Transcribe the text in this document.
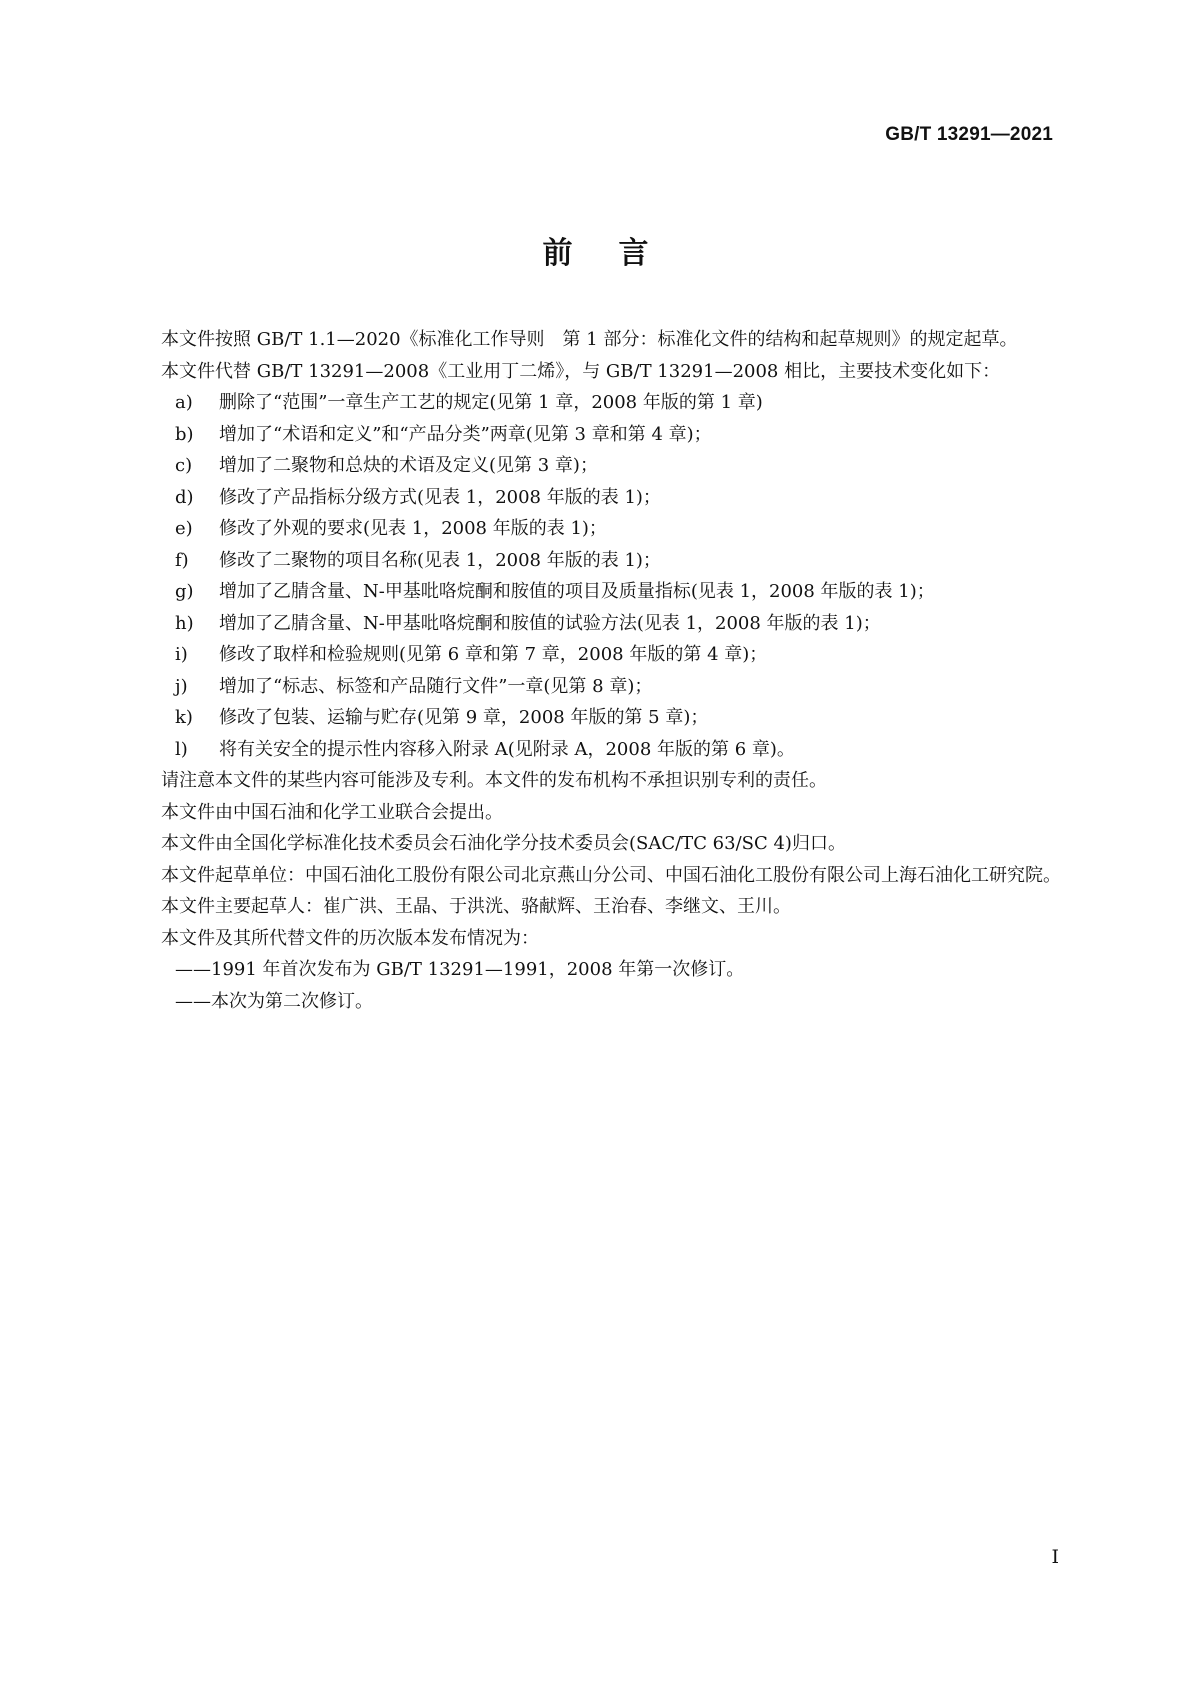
GB/T 13291—2021
前言

本文件按照 GB/T 1.1—2020《标准化工作导则　第 1 部分：标准化文件的结构和起草规则》的规定起草。

本文件代替 GB/T 13291—2008《工业用丁二烯》，与 GB/T 13291—2008 相比，主要技术变化如下：

a)	删除了“范围”一章生产工艺的规定(见第 1 章，2008 年版的第 1 章)
b)	增加了“术语和定义”和“产品分类”两章(见第 3 章和第 4 章)；
c)	增加了二聚物和总炔的术语及定义(见第 3 章)；
d)	修改了产品指标分级方式(见表 1，2008 年版的表 1)；
e)	修改了外观的要求(见表 1，2008 年版的表 1)；
f)	修改了二聚物的项目名称(见表 1，2008 年版的表 1)；
g)	增加了乙腈含量、N-甲基吡咯烷酮和胺值的项目及质量指标(见表 1，2008 年版的表 1)；
h)	增加了乙腈含量、N-甲基吡咯烷酮和胺值的试验方法(见表 1，2008 年版的表 1)；
i)	修改了取样和检验规则(见第 6 章和第 7 章，2008 年版的第 4 章)；
j)	增加了“标志、标签和产品随行文件”一章(见第 8 章)；
k)	修改了包装、运输与贮存(见第 9 章，2008 年版的第 5 章)；
l)	将有关安全的提示性内容移入附录 A(见附录 A，2008 年版的第 6 章)。

请注意本文件的某些内容可能涉及专利。本文件的发布机构不承担识别专利的责任。

本文件由中国石油和化学工业联合会提出。

本文件由全国化学标准化技术委员会石油化学分技术委员会(SAC/TC 63/SC 4)归口。

本文件起草单位：中国石油化工股份有限公司北京燕山分公司、中国石油化工股份有限公司上海石油化工研究院。

本文件主要起草人：崔广洪、王晶、于洪洸、骆献辉、王治春、李继文、王川。

本文件及其所代替文件的历次版本发布情况为：

——1991 年首次发布为 GB/T 13291—1991，2008 年第一次修订。
——本次为第二次修订。
I
